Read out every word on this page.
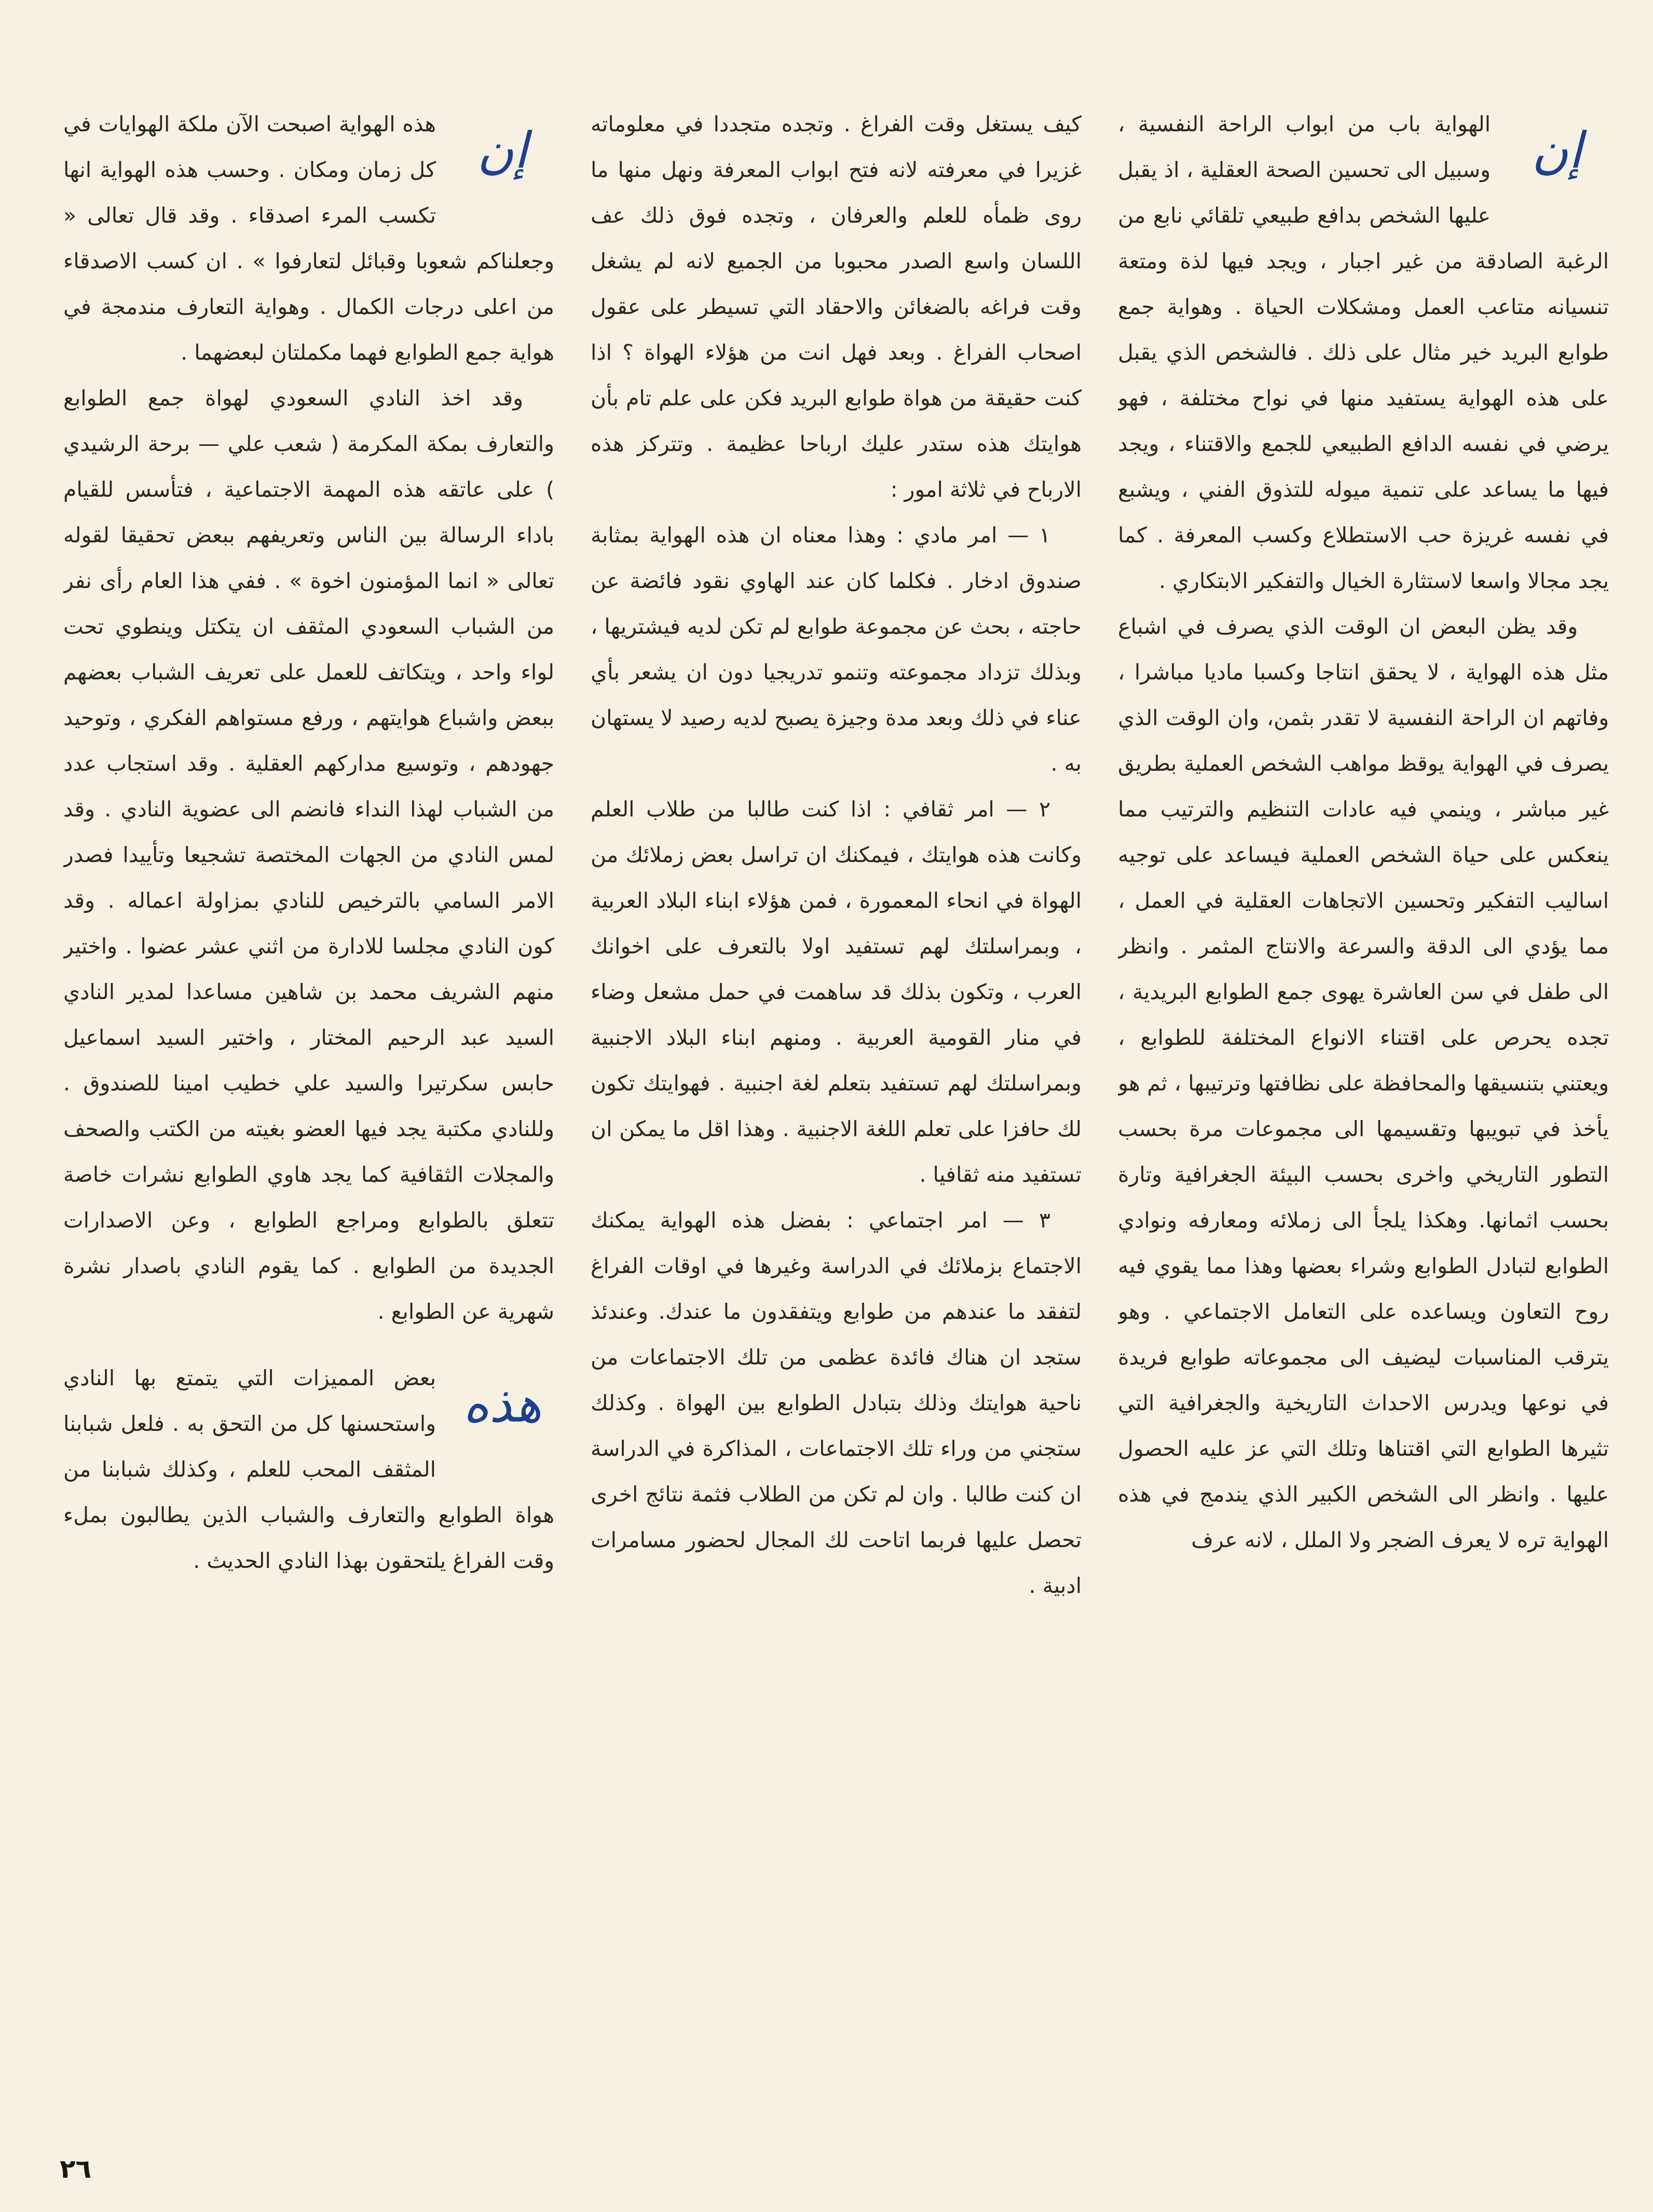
إن

الهواية باب من ابواب الراحة النفسية ، وسبيل الى تحسين الصحة العقلية ، اذ يقبل عليها الشخص بدافع طبيعي تلقائي نابع من الرغبة الصادقة من غير اجبار ، ويجد فيها لذة ومتعة تنسيانه متاعب العمل ومشكلات الحياة . وهواية جمع طوابع البريد خير مثال على ذلك . فالشخص الذي يقبل على هذه الهواية يستفيد منها في نواح مختلفة ، فهو يرضي في نفسه الدافع الطبيعي للجمع والاقتناء ، ويجد فيها ما يساعد على تنمية ميوله للتذوق الفني ، ويشبع في نفسه غريزة حب الاستطلاع وكسب المعرفة . كما يجد مجالا واسعا لاستثارة الخيال والتفكير الابتكاري .

وقد يظن البعض ان الوقت الذي يصرف في اشباع مثل هذه الهواية ، لا يحقق انتاجا وكسبا ماديا مباشرا ، وفاتهم ان الراحة النفسية لا تقدر بثمن، وان الوقت الذي يصرف في الهواية يوقظ مواهب الشخص العملية بطريق غير مباشر ، وينمي فيه عادات التنظيم والترتيب مما ينعكس على حياة الشخص العملية فيساعد على توجيه اساليب التفكير وتحسين الاتجاهات العقلية في العمل ، مما يؤدي الى الدقة والسرعة والانتاج المثمر . وانظر الى طفل في سن العاشرة يهوى جمع الطوابع البريدية ، تجده يحرص على اقتناء الانواع المختلفة للطوابع ، ويعتني بتنسيقها والمحافظة على نظافتها وترتيبها ، ثم هو يأخذ في تبويبها وتقسيمها الى مجموعات مرة بحسب التطور التاريخي واخرى بحسب البيئة الجغرافية وتارة بحسب اثمانها. وهكذا يلجأ الى زملائه ومعارفه ونوادي الطوابع لتبادل الطوابع وشراء بعضها وهذا مما يقوي فيه روح التعاون ويساعده على التعامل الاجتماعي . وهو يترقب المناسبات ليضيف الى مجموعاته طوابع فريدة في نوعها ويدرس الاحداث التاريخية والجغرافية التي تثيرها الطوابع التي اقتناها وتلك التي عز عليه الحصول عليها . وانظر الى الشخص الكبير الذي يندمج في هذه الهواية تره لا يعرف الضجر ولا الملل ، لانه عرف

كيف يستغل وقت الفراغ . وتجده متجددا في معلوماته غزيرا في معرفته لانه فتح ابواب المعرفة ونهل منها ما روى ظمأه للعلم والعرفان ، وتجده فوق ذلك عف اللسان واسع الصدر محبوبا من الجميع لانه لم يشغل وقت فراغه بالضغائن والاحقاد التي تسيطر على عقول اصحاب الفراغ . وبعد فهل انت من هؤلاء الهواة ؟ اذا كنت حقيقة من هواة طوابع البريد فكن على علم تام بأن هوايتك هذه ستدر عليك ارباحا عظيمة . وتتركز هذه الارباح في ثلاثة امور :

١ — امر مادي : وهذا معناه ان هذه الهواية بمثابة صندوق ادخار . فكلما كان عند الهاوي نقود فائضة عن حاجته ، بحث عن مجموعة طوابع لم تكن لديه فيشتريها ، وبذلك تزداد مجموعته وتنمو تدريجيا دون ان يشعر بأي عناء في ذلك وبعد مدة وجيزة يصبح لديه رصيد لا يستهان به .

٢ — امر ثقافي : اذا كنت طالبا من طلاب العلم وكانت هذه هوايتك ، فيمكنك ان تراسل بعض زملائك من الهواة في انحاء المعمورة ، فمن هؤلاء ابناء البلاد العربية ، وبمراسلتك لهم تستفيد اولا بالتعرف على اخوانك العرب ، وتكون بذلك قد ساهمت في حمل مشعل وضاء في منار القومية العربية . ومنهم ابناء البلاد الاجنبية وبمراسلتك لهم تستفيد بتعلم لغة اجنبية . فهوايتك تكون لك حافزا على تعلم اللغة الاجنبية . وهذا اقل ما يمكن ان تستفيد منه ثقافيا .

٣ — امر اجتماعي : بفضل هذه الهواية يمكنك الاجتماع بزملائك في الدراسة وغيرها في اوقات الفراغ لتفقد ما عندهم من طوابع ويتفقدون ما عندك. وعندئذ ستجد ان هناك فائدة عظمى من تلك الاجتماعات من ناحية هوايتك وذلك بتبادل الطوابع بين الهواة . وكذلك ستجني من وراء تلك الاجتماعات ، المذاكرة في الدراسة ان كنت طالبا . وان لم تكن من الطلاب فثمة نتائج اخرى تحصل عليها فربما اتاحت لك المجال لحضور مسامرات ادبية .

إن

هذه الهواية اصبحت الآن ملكة الهوايات في كل زمان ومكان . وحسب هذه الهواية انها تكسب المرء اصدقاء . وقد قال تعالى « وجعلناكم شعوبا وقبائل لتعارفوا » . ان كسب الاصدقاء من اعلى درجات الكمال . وهواية التعارف مندمجة في هواية جمع الطوابع فهما مكملتان لبعضهما .

وقد اخذ النادي السعودي لهواة جمع الطوابع والتعارف بمكة المكرمة ( شعب علي — برحة الرشيدي ) على عاتقه هذه المهمة الاجتماعية ، فتأسس للقيام باداء الرسالة بين الناس وتعريفهم ببعض تحقيقا لقوله تعالى « انما المؤمنون اخوة » . ففي هذا العام رأى نفر من الشباب السعودي المثقف ان يتكتل وينطوي تحت لواء واحد ، ويتكاتف للعمل على تعريف الشباب بعضهم ببعض واشباع هوايتهم ، ورفع مستواهم الفكري ، وتوحيد جهودهم ، وتوسيع مداركهم العقلية . وقد استجاب عدد من الشباب لهذا النداء فانضم الى عضوية النادي . وقد لمس النادي من الجهات المختصة تشجيعا وتأييدا فصدر الامر السامي بالترخيص للنادي بمزاولة اعماله . وقد كون النادي مجلسا للادارة من اثني عشر عضوا . واختير منهم الشريف محمد بن شاهين مساعدا لمدير النادي السيد عبد الرحيم المختار ، واختير السيد اسماعيل حابس سكرتيرا والسيد علي خطيب امينا للصندوق . وللنادي مكتبة يجد فيها العضو بغيته من الكتب والصحف والمجلات الثقافية كما يجد هاوي الطوابع نشرات خاصة تتعلق بالطوابع ومراجع الطوابع ، وعن الاصدارات الجديدة من الطوابع . كما يقوم النادي باصدار نشرة شهرية عن الطوابع .

هذه

بعض المميزات التي يتمتع بها النادي واستحسنها كل من التحق به . فلعل شبابنا المثقف المحب للعلم ، وكذلك شبابنا من هواة الطوابع والتعارف والشباب الذين يطالبون بملء وقت الفراغ يلتحقون بهذا النادي الحديث .

٢٦
